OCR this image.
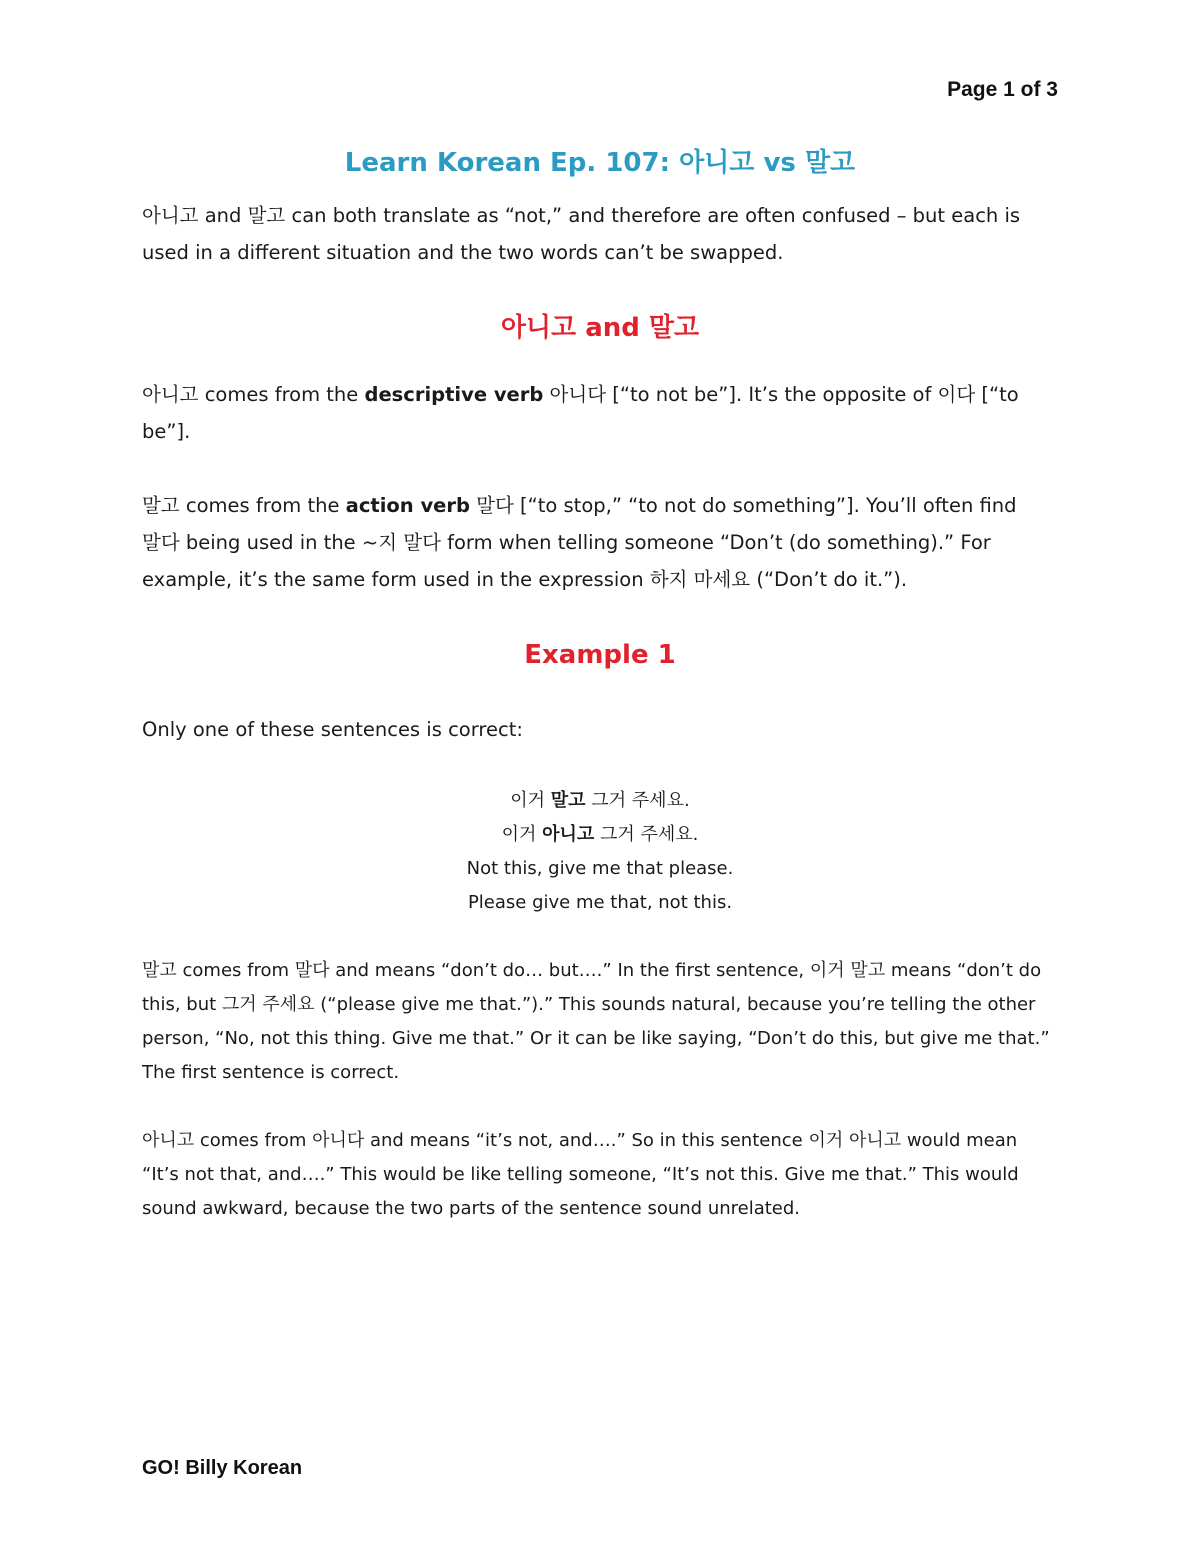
Page 1 of 3
Learn Korean Ep. 107: 아니고 vs 말고

아니고 and 말고 can both translate as “not,” and therefore are often confused – but each is

used in a different situation and the two words can’t be swapped.

아니고 and 말고

아니고 comes from the descriptive verb 아니다 [“to not be”]. It’s the opposite of 이다 [“to

be”].

말고 comes from the action verb 말다 [“to stop,” “to not do something”]. You’ll often find

말다 being used in the ~지 말다 form when telling someone “Don’t (do something).” For

example, it’s the same form used in the expression 하지 마세요 (“Don’t do it.”).

Example 1

Only one of these sentences is correct:

이거 말고 그거 주세요.
이거 아니고 그거 주세요.
Not this, give me that please.
Please give me that, not this.

말고 comes from 말다 and means “don’t do… but….” In the first sentence, 이거 말고 means “don’t do

this, but 그거 주세요 (“please give me that.”).” This sounds natural, because you’re telling the other

person, “No, not this thing. Give me that.” Or it can be like saying, “Don’t do this, but give me that.”

The first sentence is correct.

아니고 comes from 아니다 and means “it’s not, and….” So in this sentence 이거 아니고 would mean

“It’s not that, and….” This would be like telling someone, “It’s not this. Give me that.” This would

sound awkward, because the two parts of the sentence sound unrelated.

GO! Billy Korean
